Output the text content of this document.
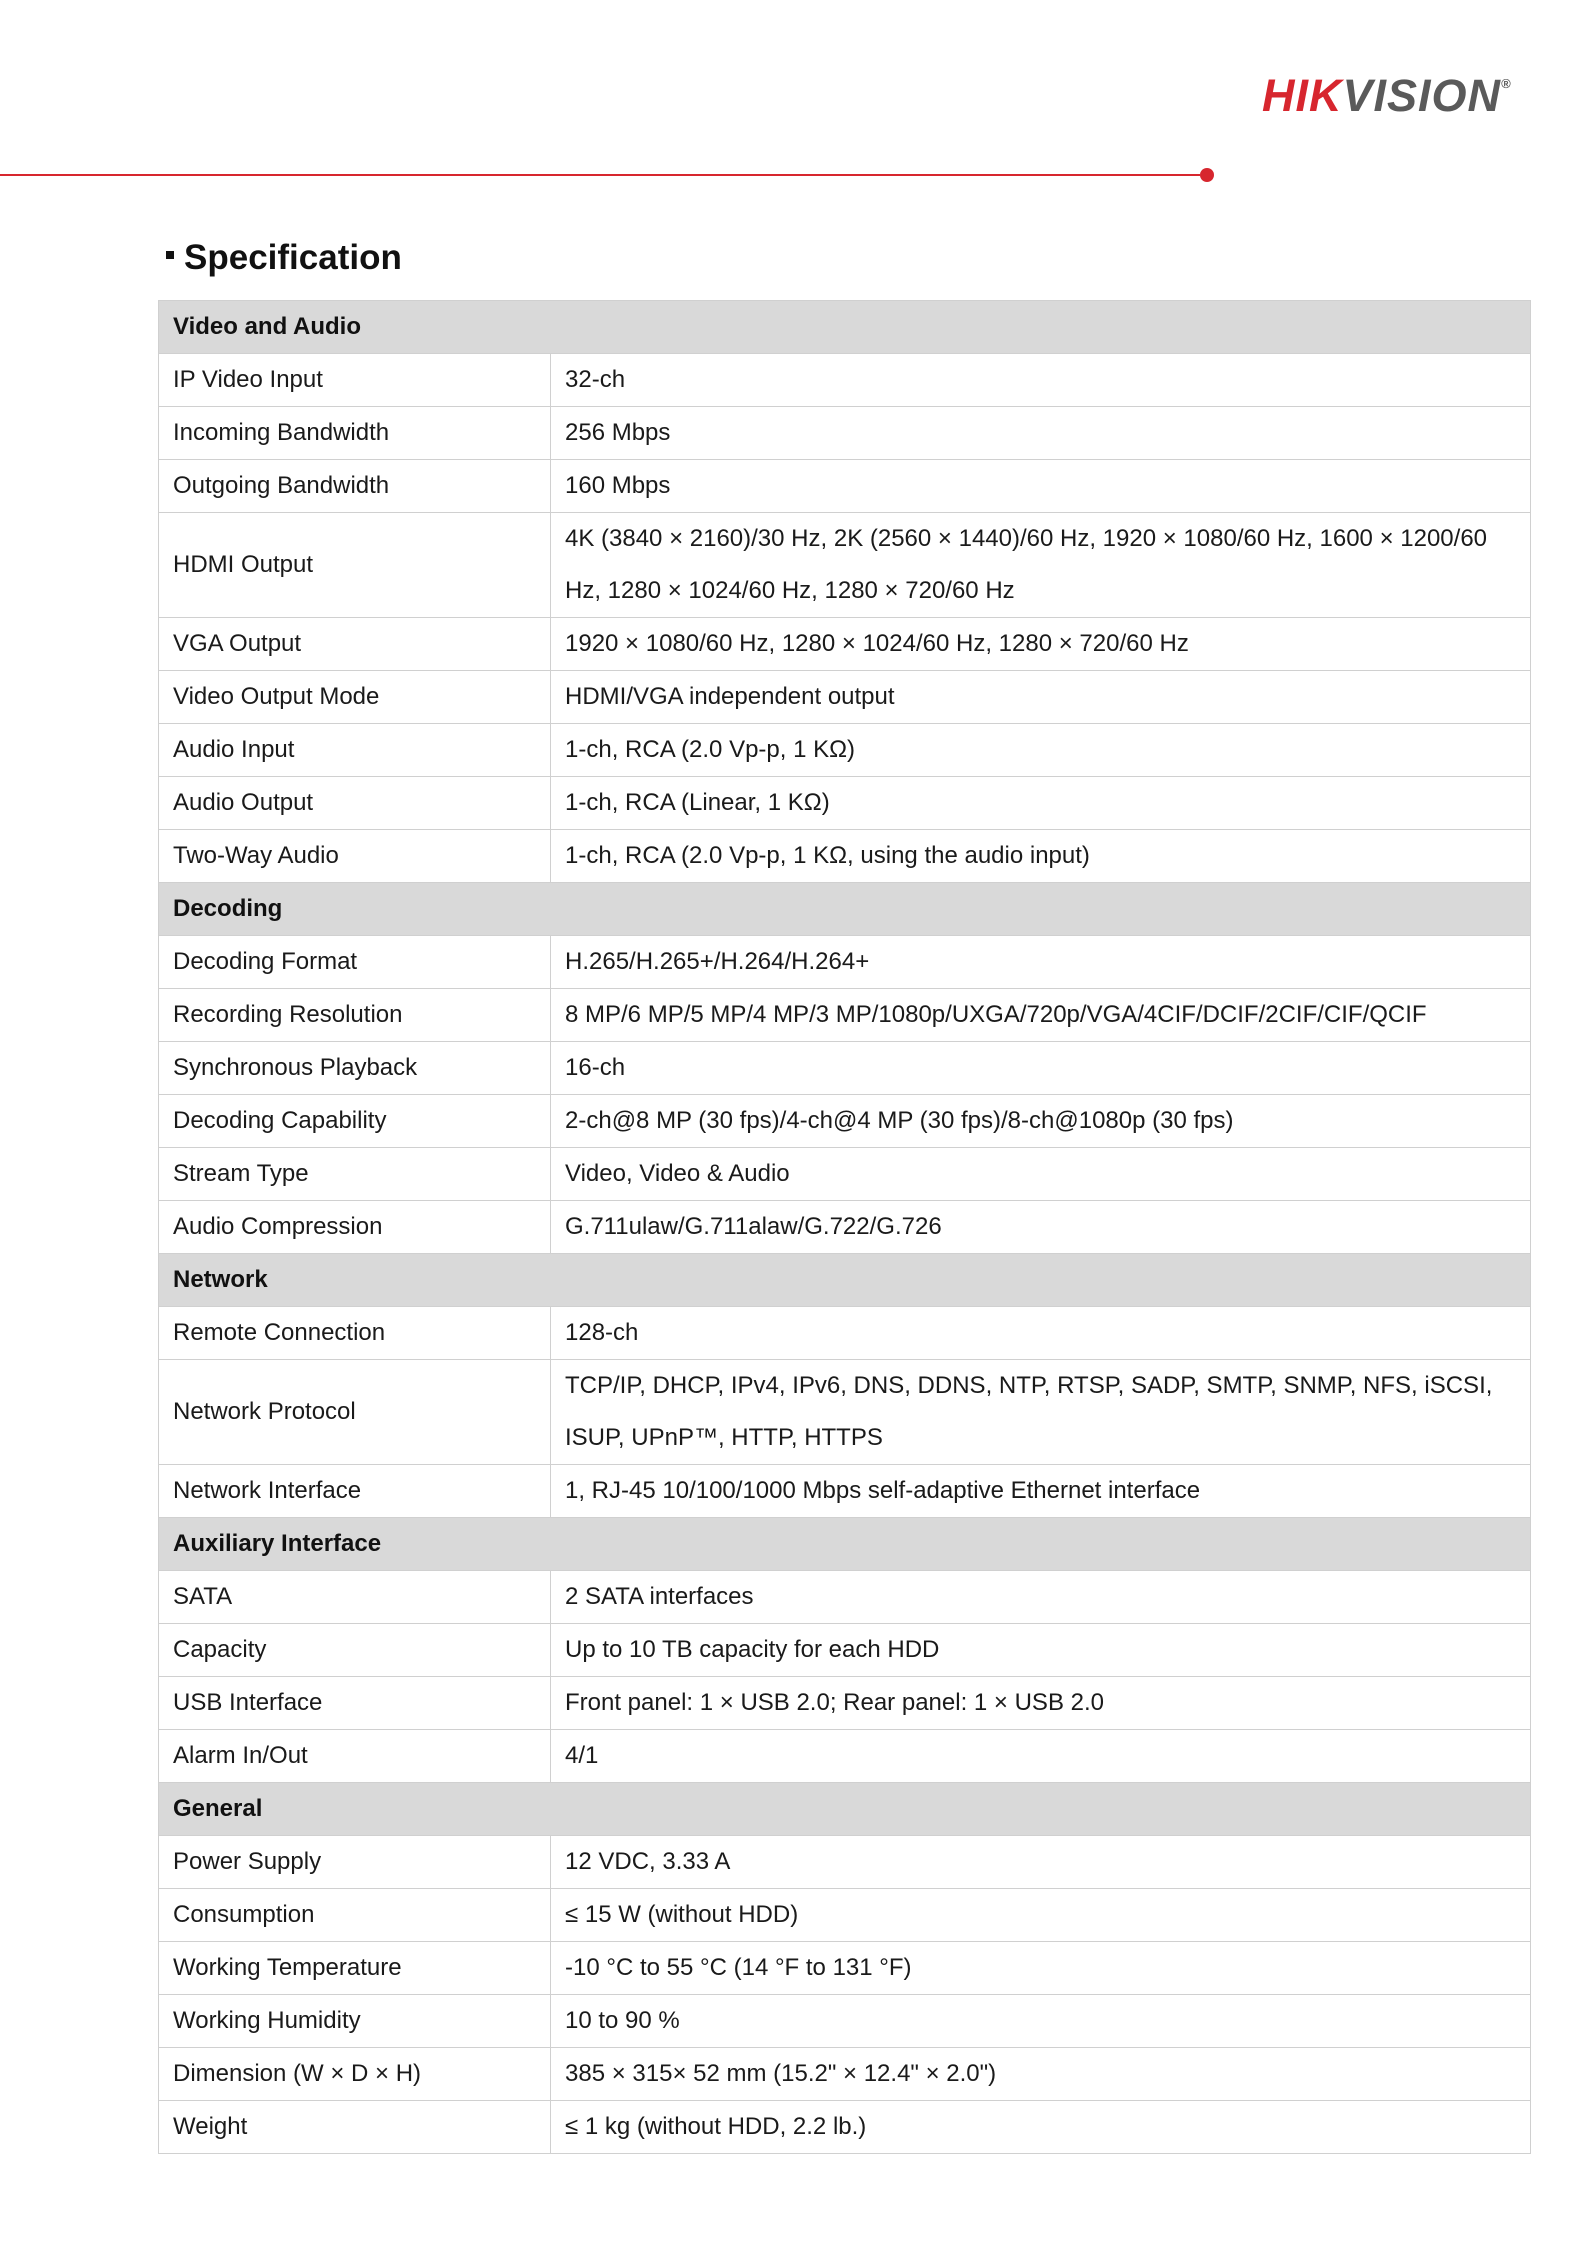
HIKVISION®
Specification
Video and Audio	
IP Video Input	32-ch
Incoming Bandwidth	256 Mbps
Outgoing Bandwidth	160 Mbps
HDMI Output	4K (3840 × 2160)/30 Hz, 2K (2560 × 1440)/60 Hz, 1920 × 1080/60 Hz, 1600 × 1200/60 Hz, 1280 × 1024/60 Hz, 1280 × 720/60 Hz
VGA Output	1920 × 1080/60 Hz, 1280 × 1024/60 Hz, 1280 × 720/60 Hz
Video Output Mode	HDMI/VGA independent output
Audio Input	1-ch, RCA (2.0 Vp-p, 1 KΩ)
Audio Output	1-ch, RCA (Linear, 1 KΩ)
Two-Way Audio	1-ch, RCA (2.0 Vp-p, 1 KΩ, using the audio input)
Decoding	
Decoding Format	H.265/H.265+/H.264/H.264+
Recording Resolution	8 MP/6 MP/5 MP/4 MP/3 MP/1080p/UXGA/720p/VGA/4CIF/DCIF/2CIF/CIF/QCIF
Synchronous Playback	16-ch
Decoding Capability	2-ch@8 MP (30 fps)/4-ch@4 MP (30 fps)/8-ch@1080p (30 fps)
Stream Type	Video, Video & Audio
Audio Compression	G.711ulaw/G.711alaw/G.722/G.726
Network	
Remote Connection	128-ch
Network Protocol	TCP/IP, DHCP, IPv4, IPv6, DNS, DDNS, NTP, RTSP, SADP, SMTP, SNMP, NFS, iSCSI, ISUP, UPnP™, HTTP, HTTPS
Network Interface	1, RJ-45 10/100/1000 Mbps self-adaptive Ethernet interface
Auxiliary Interface	
SATA	2 SATA interfaces
Capacity	Up to 10 TB capacity for each HDD
USB Interface	Front panel: 1 × USB 2.0; Rear panel: 1 × USB 2.0
Alarm In/Out	4/1
General	
Power Supply	12 VDC, 3.33 A
Consumption	≤ 15 W (without HDD)
Working Temperature	-10 °C to 55 °C (14 °F to 131 °F)
Working Humidity	10 to 90 %
Dimension (W × D × H)	385 × 315× 52 mm (15.2" × 12.4" × 2.0")
Weight	≤ 1 kg (without HDD, 2.2 lb.)
